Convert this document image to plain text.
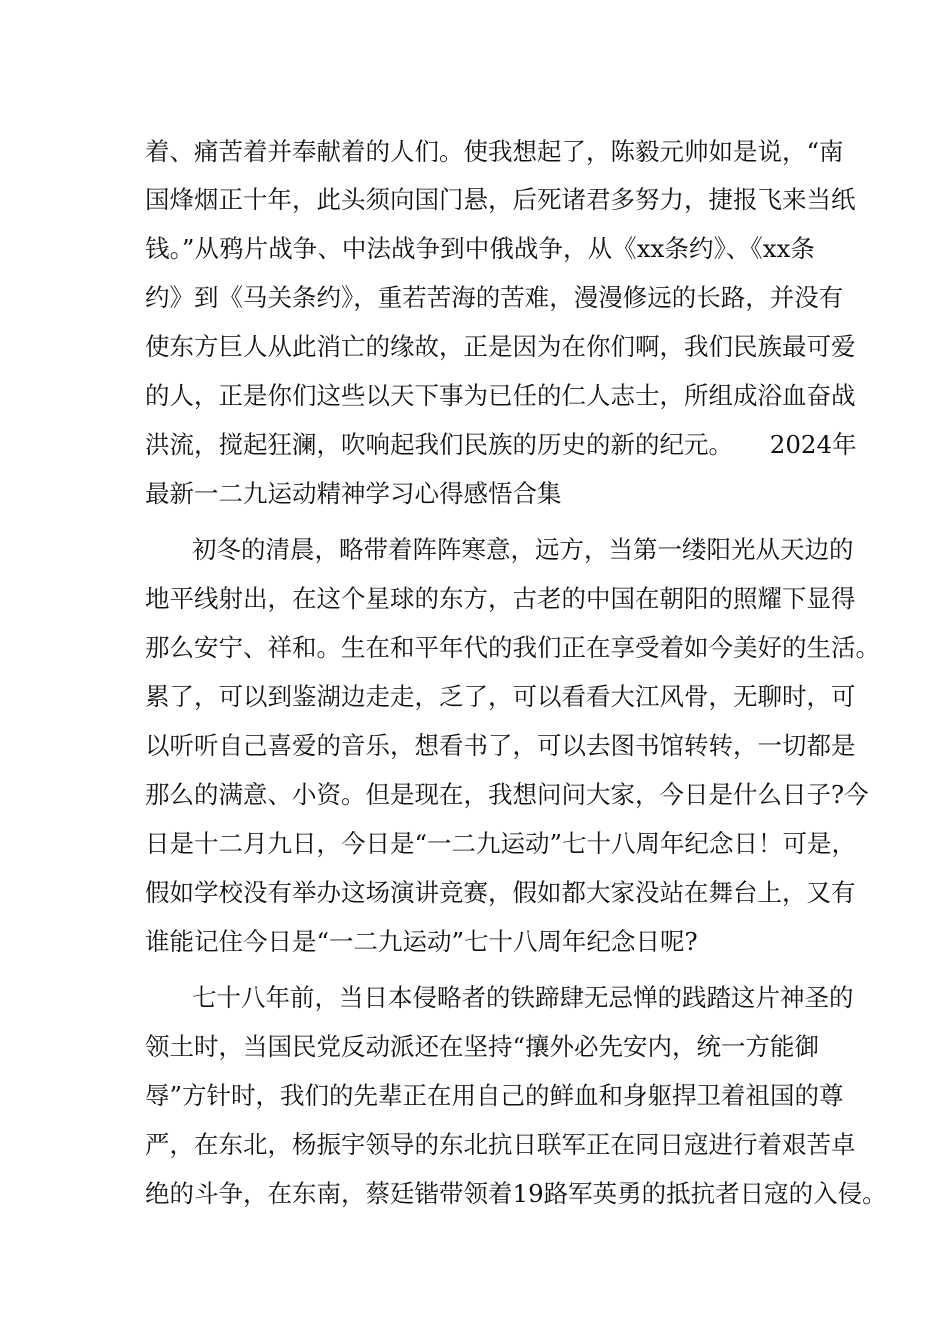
着、痛苦着并奉献着的人们。使我想起了，陈毅元帅如是说，“南
国烽烟正十年，此头须向国门悬，后死诸君多努力，捷报飞来当纸
钱。”从鸦片战争、中法战争到中俄战争，从《xx条约》、《xx条
约》到《马关条约》，重若苦海的苦难，漫漫修远的长路，并没有
使东方巨人从此消亡的缘故，正是因为在你们啊，我们民族最可爱
的人，正是你们这些以天下事为已任的仁人志士，所组成浴血奋战
洪流，搅起狂澜，吹响起我们民族的历史的新的纪元。　　2024年
最新一二九运动精神学习心得感悟合集
初冬的清晨，略带着阵阵寒意，远方，当第一缕阳光从天边的
地平线射出，在这个星球的东方，古老的中国在朝阳的照耀下显得
那么安宁、祥和。生在和平年代的我们正在享受着如今美好的生活。
累了，可以到鉴湖边走走，乏了，可以看看大江风骨，无聊时，可
以听听自己喜爱的音乐，想看书了，可以去图书馆转转，一切都是
那么的满意、小资。但是现在，我想问问大家，今日是什么日子?今
日是十二月九日，今日是“一二九运动”七十八周年纪念日！可是，
假如学校没有举办这场演讲竞赛，假如都大家没站在舞台上，又有
谁能记住今日是“一二九运动”七十八周年纪念日呢?
七十八年前，当日本侵略者的铁蹄肆无忌惮的践踏这片神圣的
领土时，当国民党反动派还在坚持“攘外必先安内，统一方能御
辱”方针时，我们的先辈正在用自己的鲜血和身躯捍卫着祖国的尊
严，在东北，杨振宇领导的东北抗日联军正在同日寇进行着艰苦卓
绝的斗争，在东南，蔡廷锴带领着19路军英勇的抵抗者日寇的入侵。
